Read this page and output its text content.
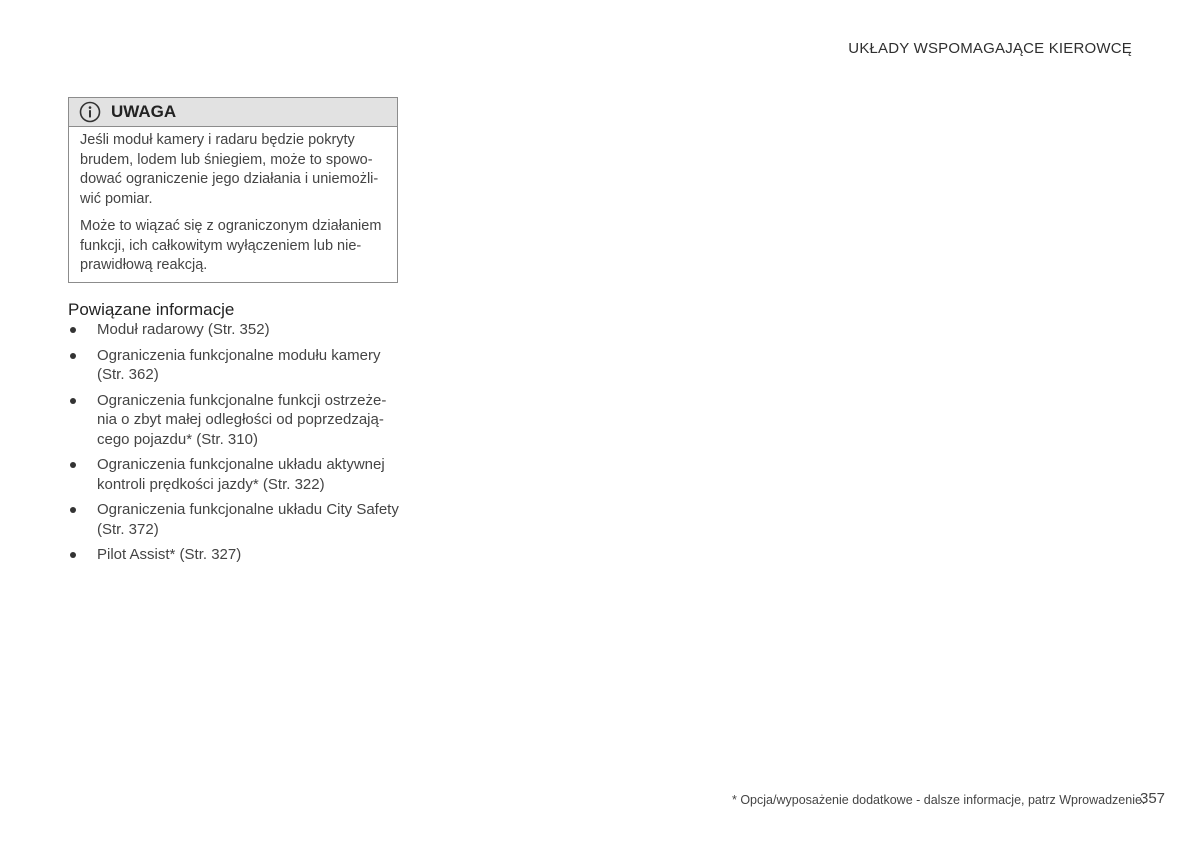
UKŁADY WSPOMAGAJĄCE KIEROWCĘ
UWAGA

Jeśli moduł kamery i radaru będzie pokryty
brudem, lodem lub śniegiem, może to spowo-
dować ograniczenie jego działania i uniemożli-
wić pomiar.

Może to wiązać się z ograniczonym działaniem
funkcji, ich całkowitym wyłączeniem lub nie-
prawidłową reakcją.

Powiązane informacje
Moduł radarowy (Str. 352)
Ograniczenia funkcjonalne modułu kamery
(Str. 362)
Ograniczenia funkcjonalne funkcji ostrzeże-
nia o zbyt małej odległości od poprzedzają-
cego pojazdu* (Str. 310)
Ograniczenia funkcjonalne układu aktywnej
kontroli prędkości jazdy* (Str. 322)
Ograniczenia funkcjonalne układu City Safety
(Str. 372)
Pilot Assist* (Str. 327)
* Opcja/wyposażenie dodatkowe - dalsze informacje, patrz Wprowadzenie.
357
